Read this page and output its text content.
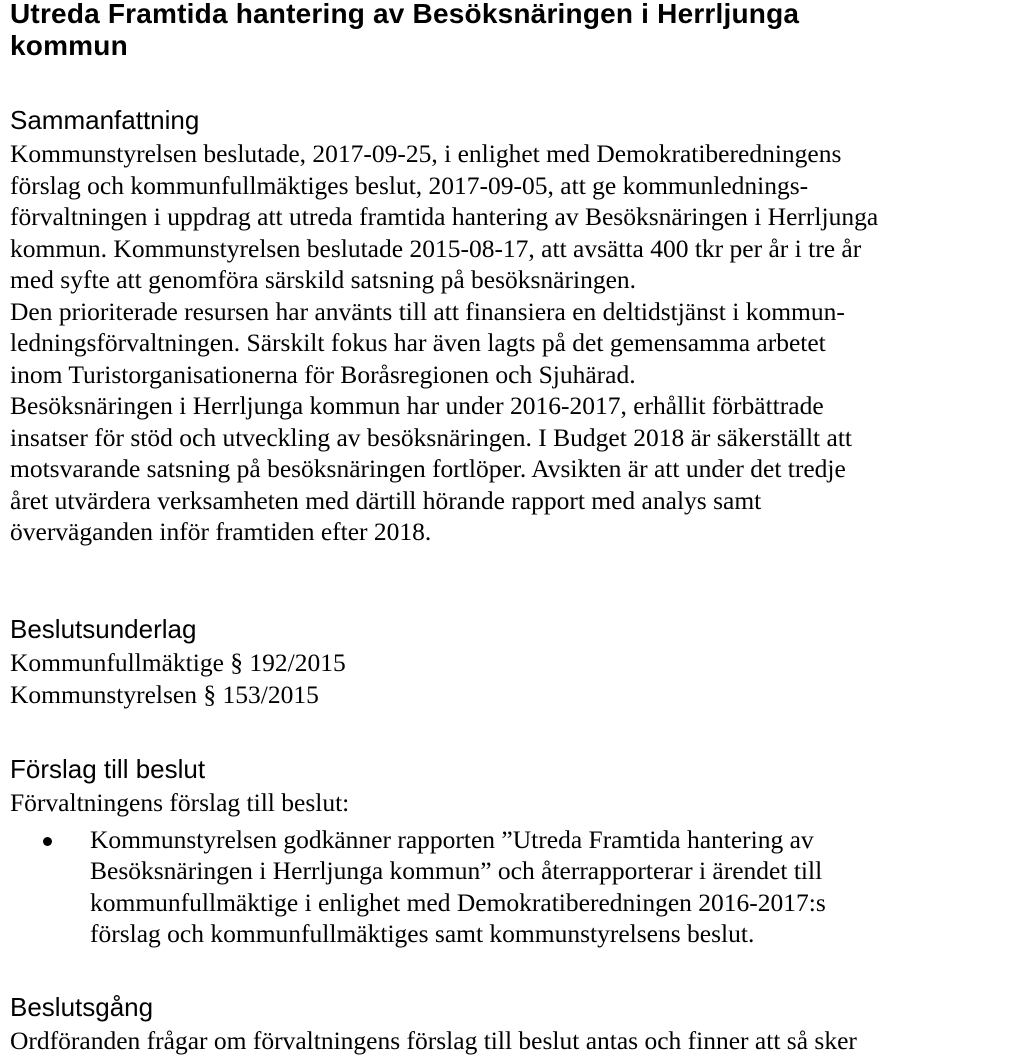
Utreda Framtida hantering av Besöksnäringen i Herrljunga
kommun
Sammanfattning

Kommunstyrelsen beslutade, 2017-09-25, i enlighet med Demokratiberedningens
förslag och kommunfullmäktiges beslut, 2017-09-05, att ge kommunlednings-
förvaltningen i uppdrag att utreda framtida hantering av Besöksnäringen i Herrljunga
kommun. Kommunstyrelsen beslutade 2015-08-17, att avsätta 400 tkr per år i tre år
med syfte att genomföra särskild satsning på besöksnäringen.
Den prioriterade resursen har använts till att finansiera en deltidstjänst i kommun-
ledningsförvaltningen. Särskilt fokus har även lagts på det gemensamma arbetet
inom Turistorganisationerna för Boråsregionen och Sjuhärad.
Besöksnäringen i Herrljunga kommun har under 2016-2017, erhållit förbättrade
insatser för stöd och utveckling av besöksnäringen. I Budget 2018 är säkerställt att
motsvarande satsning på besöksnäringen fortlöper. Avsikten är att under det tredje
året utvärdera verksamheten med därtill hörande rapport med analys samt
överväganden inför framtiden efter 2018.

Beslutsunderlag

Kommunfullmäktige § 192/2015
Kommunstyrelsen § 153/2015

Förslag till beslut

Förvaltningens förslag till beslut:

Kommunstyrelsen godkänner rapporten ”Utreda Framtida hantering av
Besöksnäringen i Herrljunga kommun” och återrapporterar i ärendet till
kommunfullmäktige i enlighet med Demokratiberedningen 2016-2017:s
förslag och kommunfullmäktiges samt kommunstyrelsens beslut.
Beslutsgång

Ordföranden frågar om förvaltningens förslag till beslut antas och finner att så sker
